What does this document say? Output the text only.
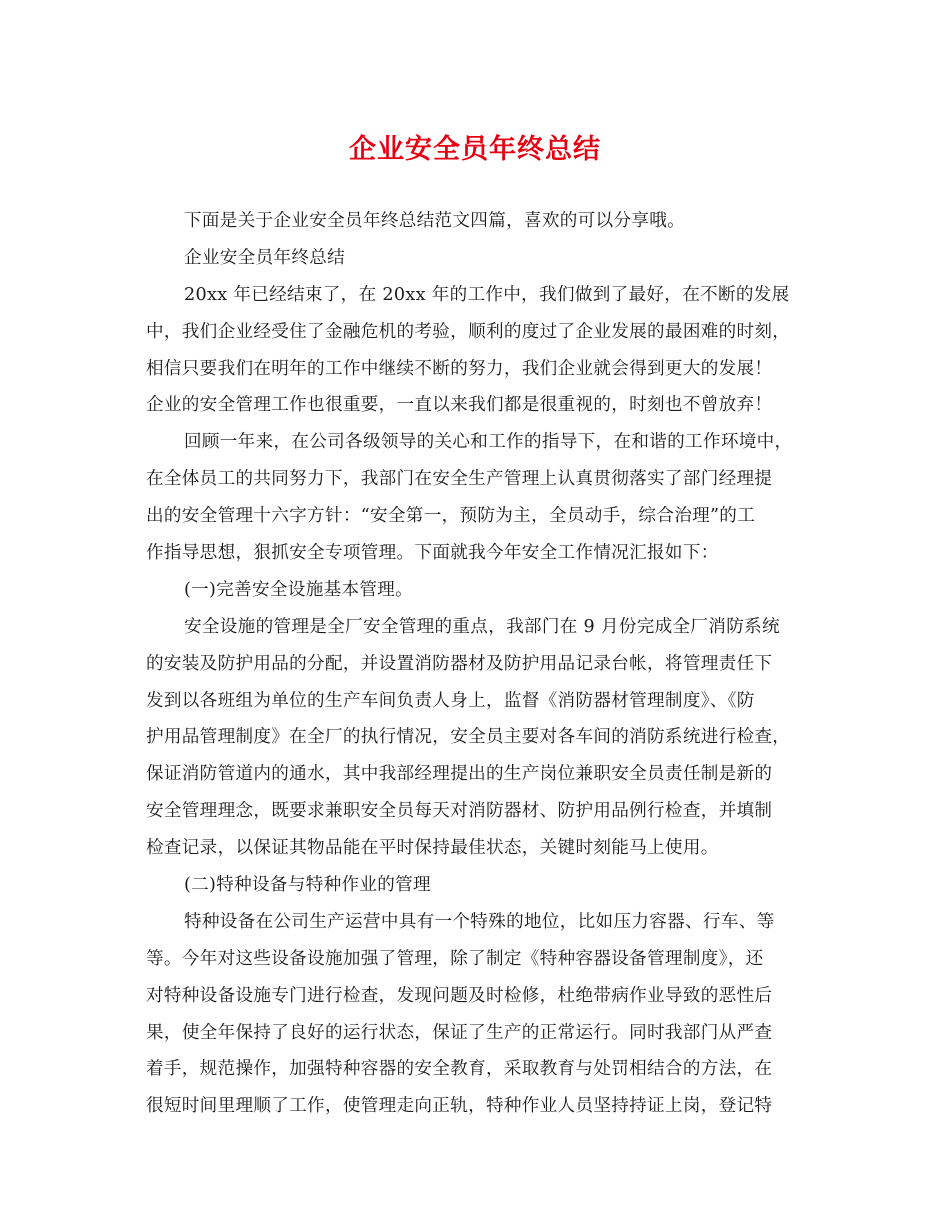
企业安全员年终总结
下面是关于企业安全员年终总结范文四篇，喜欢的可以分享哦。
企业安全员年终总结
20xx 年已经结束了，在 20xx 年的工作中，我们做到了最好，在不断的发展
中，我们企业经受住了金融危机的考验，顺利的度过了企业发展的最困难的时刻，
相信只要我们在明年的工作中继续不断的努力，我们企业就会得到更大的发展！
企业的安全管理工作也很重要，一直以来我们都是很重视的，时刻也不曾放弃！
回顾一年来，在公司各级领导的关心和工作的指导下，在和谐的工作环境中，
在全体员工的共同努力下，我部门在安全生产管理上认真贯彻落实了部门经理提
出的安全管理十六字方针：“安全第一，预防为主，全员动手，综合治理”的工
作指导思想，狠抓安全专项管理。下面就我今年安全工作情况汇报如下：
(一)完善安全设施基本管理。
安全设施的管理是全厂安全管理的重点，我部门在 9 月份完成全厂消防系统
的安装及防护用品的分配，并设置消防器材及防护用品记录台帐，将管理责任下
发到以各班组为单位的生产车间负责人身上，监督《消防器材管理制度》、《防
护用品管理制度》在全厂的执行情况，安全员主要对各车间的消防系统进行检查，
保证消防管道内的通水，其中我部经理提出的生产岗位兼职安全员责任制是新的
安全管理理念，既要求兼职安全员每天对消防器材、防护用品例行检查，并填制
检查记录，以保证其物品能在平时保持最佳状态，关键时刻能马上使用。
(二)特种设备与特种作业的管理
特种设备在公司生产运营中具有一个特殊的地位，比如压力容器、行车、等
等。今年对这些设备设施加强了管理，除了制定《特种容器设备管理制度》，还
对特种设备设施专门进行检查，发现问题及时检修，杜绝带病作业导致的恶性后
果，使全年保持了良好的运行状态，保证了生产的正常运行。同时我部门从严查
着手，规范操作，加强特种容器的安全教育，采取教育与处罚相结合的方法，在
很短时间里理顺了工作，使管理走向正轨，特种作业人员坚持持证上岗，登记特
